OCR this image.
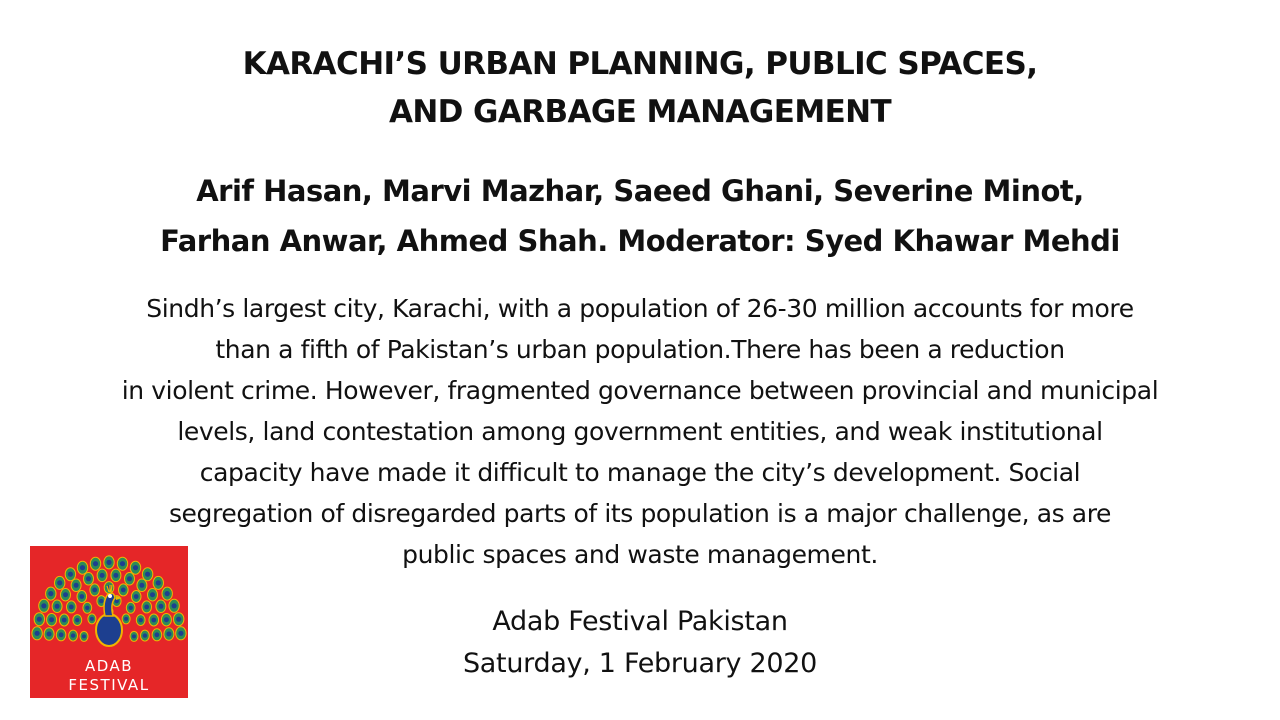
KARACHI’S URBAN PLANNING, PUBLIC SPACES,
AND GARBAGE MANAGEMENT
Arif Hasan, Marvi Mazhar, Saeed Ghani, Severine Minot,
Farhan Anwar, Ahmed Shah. Moderator: Syed Khawar Mehdi
Sindh’s largest city, Karachi, with a population of 26-30 million accounts for more
than a fifth of Pakistan’s urban population.There has been a reduction
in violent crime. However, fragmented governance between provincial and municipal
levels, land contestation among government entities, and weak institutional
capacity have made it difficult to manage the city’s development. Social
segregation of disregarded parts of its population is a major challenge, as are
public spaces and waste management.
Adab Festival Pakistan
Saturday, 1 February 2020
ADAB
FESTIVAL
